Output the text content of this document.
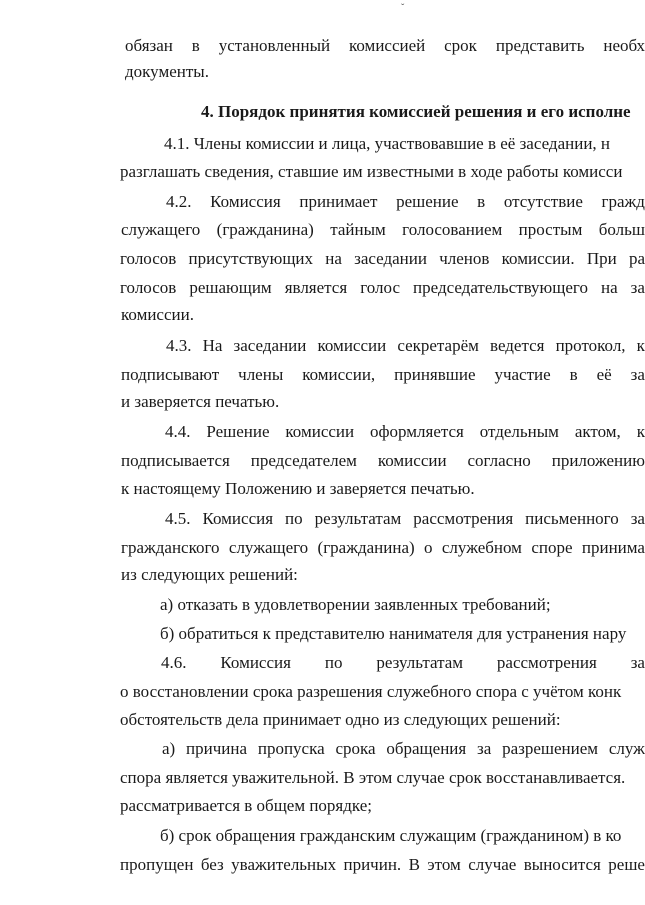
ˇ
обязан в установленный комиссией срок представить необх
документы.
4. Порядок принятия комиссией решения и его исполне
4.1. Члены комиссии и лица, участвовавшие в её заседании, н
разглашать сведения, ставшие им известными в ходе работы комисси
4.2. Комиссия принимает решение в отсутствие гражд
служащего (гражданина) тайным голосованием простым больш
голосов присутствующих на заседании членов комиссии. При ра
голосов решающим является голос председательствующего на за
комиссии.
4.3. На заседании комиссии секретарём ведется протокол, к
подписывают члены комиссии, принявшие участие в её за
и заверяется печатью.
4.4. Решение комиссии оформляется отдельным актом, к
подписывается председателем комиссии согласно приложению
к настоящему Положению и заверяется печатью.
4.5. Комиссия по результатам рассмотрения письменного за
гражданского служащего (гражданина) о служебном споре принима
из следующих решений:
а) отказать в удовлетворении заявленных требований;
б) обратиться к представителю нанимателя для устранения нару
4.6. Комиссия по результатам рассмотрения за
о восстановлении срока разрешения служебного спора с учётом конк
обстоятельств дела принимает одно из следующих решений:
а) причина пропуска срока обращения за разрешением служ
спора является уважительной. В этом случае срок восстанавливается.
рассматривается в общем порядке;
б) срок обращения гражданским служащим (гражданином) в ко
пропущен без уважительных причин. В этом случае выносится реше
